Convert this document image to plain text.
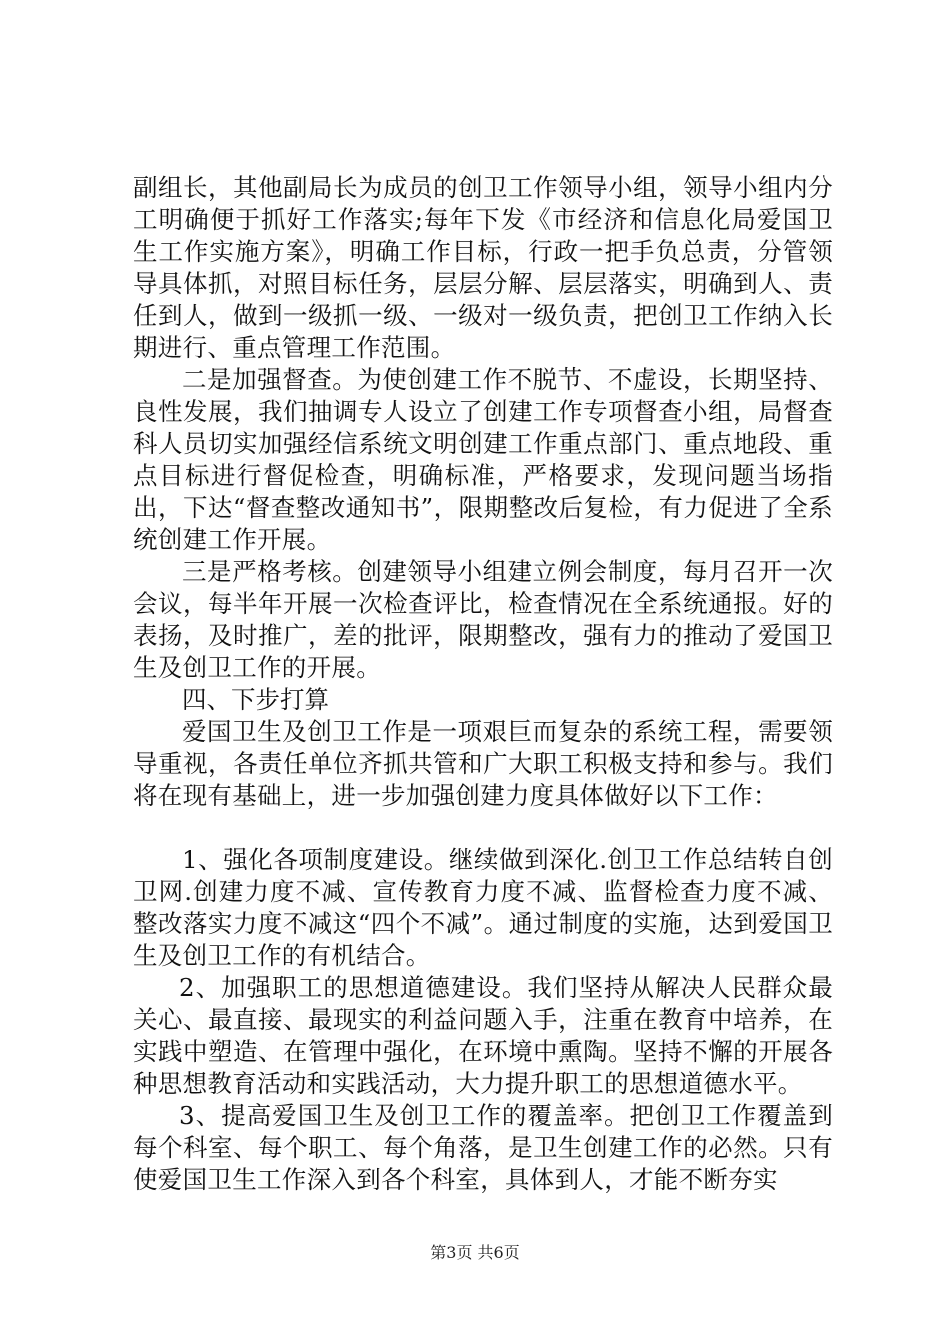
副组长，其他副局长为成员的创卫工作领导小组，领导小组内分工明确便于抓好工作落实;每年下发《市经济和信息化局爱国卫生工作实施方案》，明确工作目标，行政一把手负总责，分管领导具体抓，对照目标任务，层层分解、层层落实，明确到人、责任到人，做到一级抓一级、一级对一级负责，把创卫工作纳入长期进行、重点管理工作范围。

二是加强督查。为使创建工作不脱节、不虚设，长期坚持、良性发展，我们抽调专人设立了创建工作专项督查小组，局督查科人员切实加强经信系统文明创建工作重点部门、重点地段、重点目标进行督促检查，明确标准，严格要求，发现问题当场指出，下达“督查整改通知书”，限期整改后复检，有力促进了全系统创建工作开展。

三是严格考核。创建领导小组建立例会制度，每月召开一次会议，每半年开展一次检查评比，检查情况在全系统通报。好的表扬，及时推广，差的批评，限期整改，强有力的推动了爱国卫生及创卫工作的开展。

四、下步打算

爱国卫生及创卫工作是一项艰巨而复杂的系统工程，需要领导重视，各责任单位齐抓共管和广大职工积极支持和参与。我们将在现有基础上，进一步加强创建力度具体做好以下工作：

1、强化各项制度建设。继续做到深化.创卫工作总结转自创卫网.创建力度不减、宣传教育力度不减、监督检查力度不减、整改落实力度不减这“四个不减”。通过制度的实施，达到爱国卫生及创卫工作的有机结合。

2、加强职工的思想道德建设。我们坚持从解决人民群众最关心、最直接、最现实的利益问题入手，注重在教育中培养，在实践中塑造、在管理中强化，在环境中熏陶。坚持不懈的开展各种思想教育活动和实践活动，大力提升职工的思想道德水平。

3、提高爱国卫生及创卫工作的覆盖率。把创卫工作覆盖到每个科室、每个职工、每个角落，是卫生创建工作的必然。只有使爱国卫生工作深入到各个科室，具体到人，才能不断夯实

第3页 共6页
